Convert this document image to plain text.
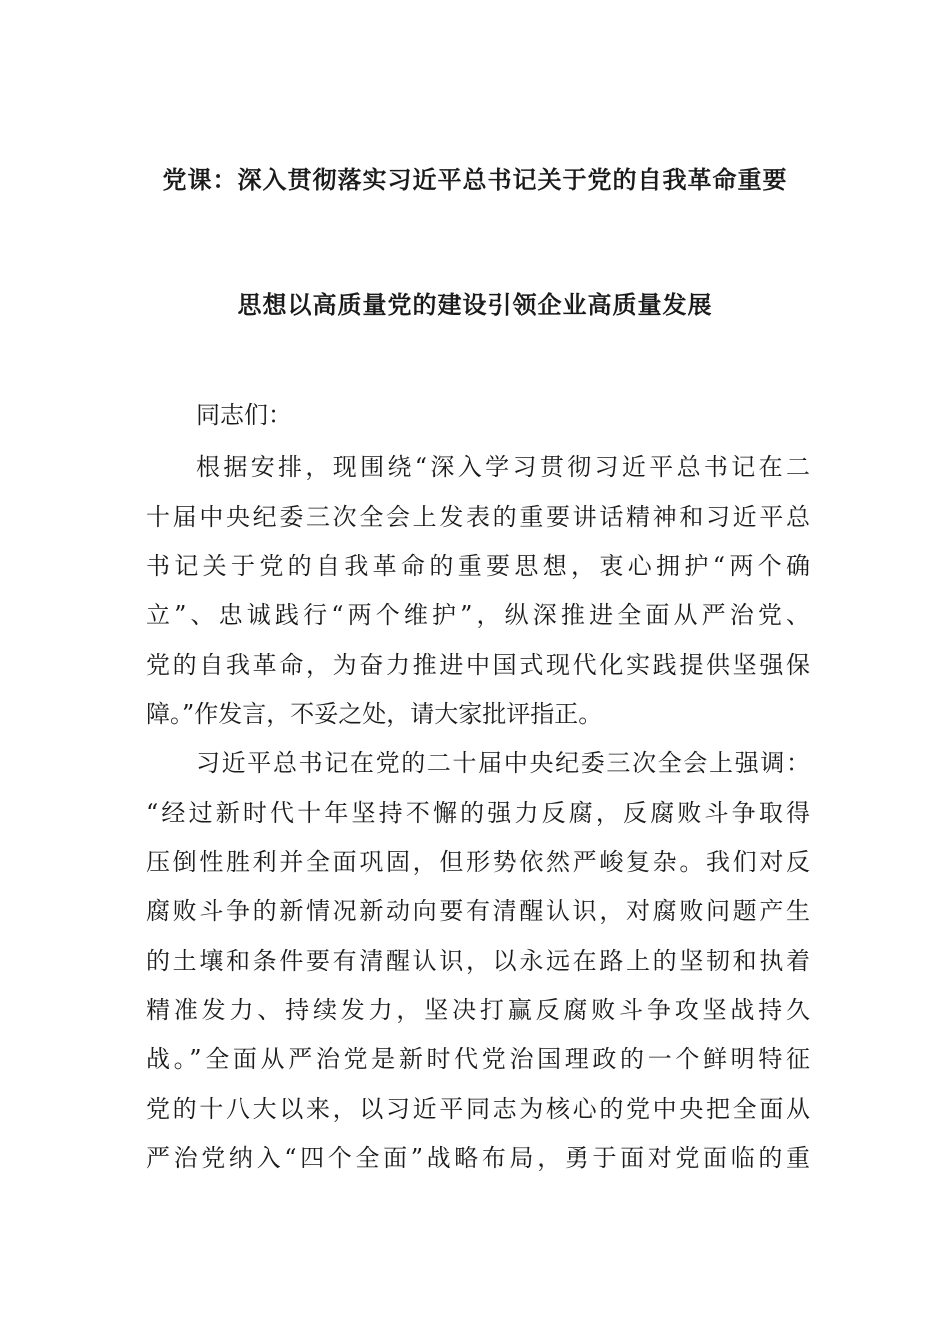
党课：深入贯彻落实习近平总书记关于党的自我革命重要
思想以高质量党的建设引领企业高质量发展
同志们：
根据安排，现围绕“深入学习贯彻习近平总书记在二
十届中央纪委三次全会上发表的重要讲话精神和习近平总
书记关于党的自我革命的重要思想，衷心拥护“两个确
立”、忠诚践行“两个维护”，纵深推进全面从严治党、
党的自我革命，为奋力推进中国式现代化实践提供坚强保
障。”作发言，不妥之处，请大家批评指正。
习近平总书记在党的二十届中央纪委三次全会上强调：
“经过新时代十年坚持不懈的强力反腐，反腐败斗争取得
压倒性胜利并全面巩固，但形势依然严峻复杂。我们对反
腐败斗争的新情况新动向要有清醒认识，对腐败问题产生
的土壤和条件要有清醒认识，以永远在路上的坚韧和执着
精准发力、持续发力，坚决打赢反腐败斗争攻坚战持久
战。”全面从严治党是新时代党治国理政的一个鲜明特征
党的十八大以来，以习近平同志为核心的党中央把全面从
严治党纳入“四个全面”战略布局，勇于面对党面临的重
